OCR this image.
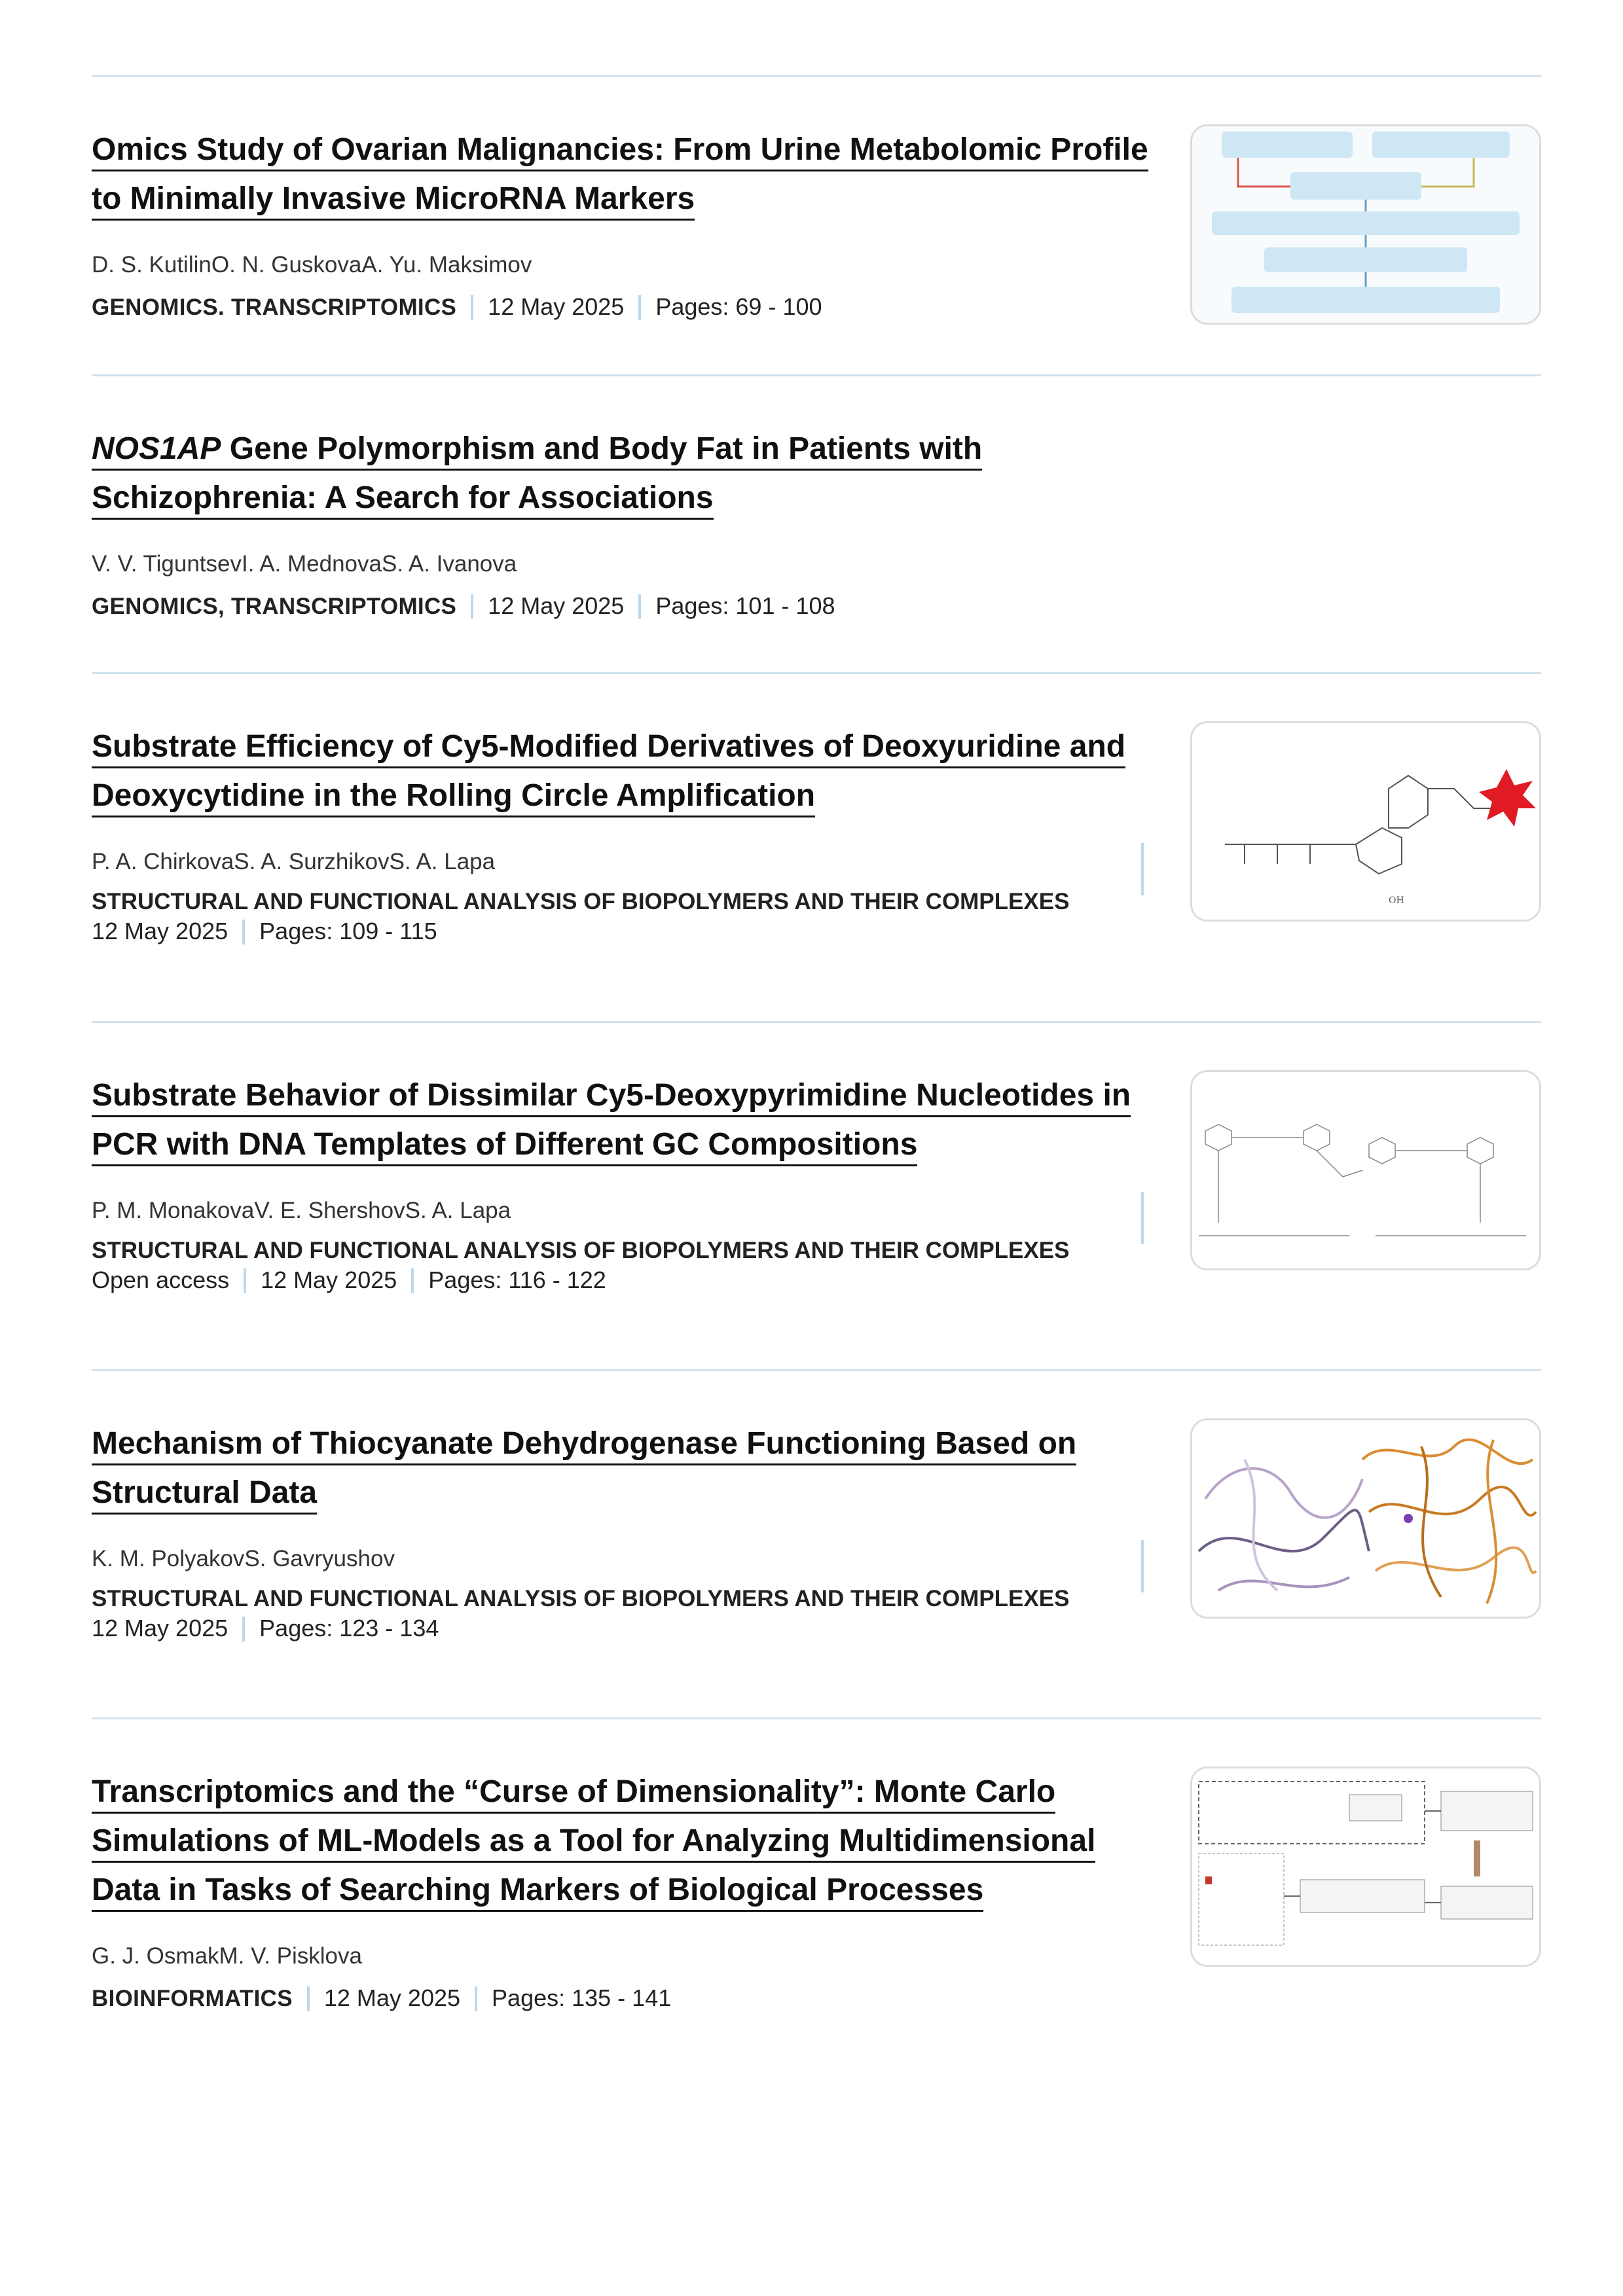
Omics Study of Ovarian Malignancies: From Urine Metabolomic Profile to Minimally Invasive MicroRNA Markers
D. S. KutilinO. N. GuskovaA. Yu. Maksimov
GENOMICS. TRANSCRIPTOMICS 12 May 2025 Pages: 69 - 100
NOS1AP Gene Polymorphism and Body Fat in Patients with Schizophrenia: A Search for Associations
V. V. TiguntsevI. A. MednovaS. A. Ivanova
GENOMICS, TRANSCRIPTOMICS 12 May 2025 Pages: 101 - 108
Substrate Efficiency of Cy5-Modified Derivatives of Deoxyuridine and Deoxycytidine in the Rolling Circle Amplification
P. A. ChirkovaS. A. SurzhikovS. A. Lapa
STRUCTURAL AND FUNCTIONAL ANALYSIS OF BIOPOLYMERS AND THEIR COMPLEXES
12 May 2025 Pages: 109 - 115
OH
Substrate Behavior of Dissimilar Cy5-Deoxypyrimidine Nucleotides in PCR with DNA Templates of Different GC Compositions
P. M. MonakovaV. E. ShershovS. A. Lapa
STRUCTURAL AND FUNCTIONAL ANALYSIS OF BIOPOLYMERS AND THEIR COMPLEXES
Open access 12 May 2025 Pages: 116 - 122
Mechanism of Thiocyanate Dehydrogenase Functioning Based on Structural Data
K. M. PolyakovS. Gavryushov
STRUCTURAL AND FUNCTIONAL ANALYSIS OF BIOPOLYMERS AND THEIR COMPLEXES
12 May 2025 Pages: 123 - 134
Transcriptomics and the “Curse of Dimensionality”: Monte Carlo Simulations of ML-Models as a Tool for Analyzing Multidimensional Data in Tasks of Searching Markers of Biological Processes
G. J. OsmakM. V. Pisklova
BIOINFORMATICS 12 May 2025 Pages: 135 - 141
